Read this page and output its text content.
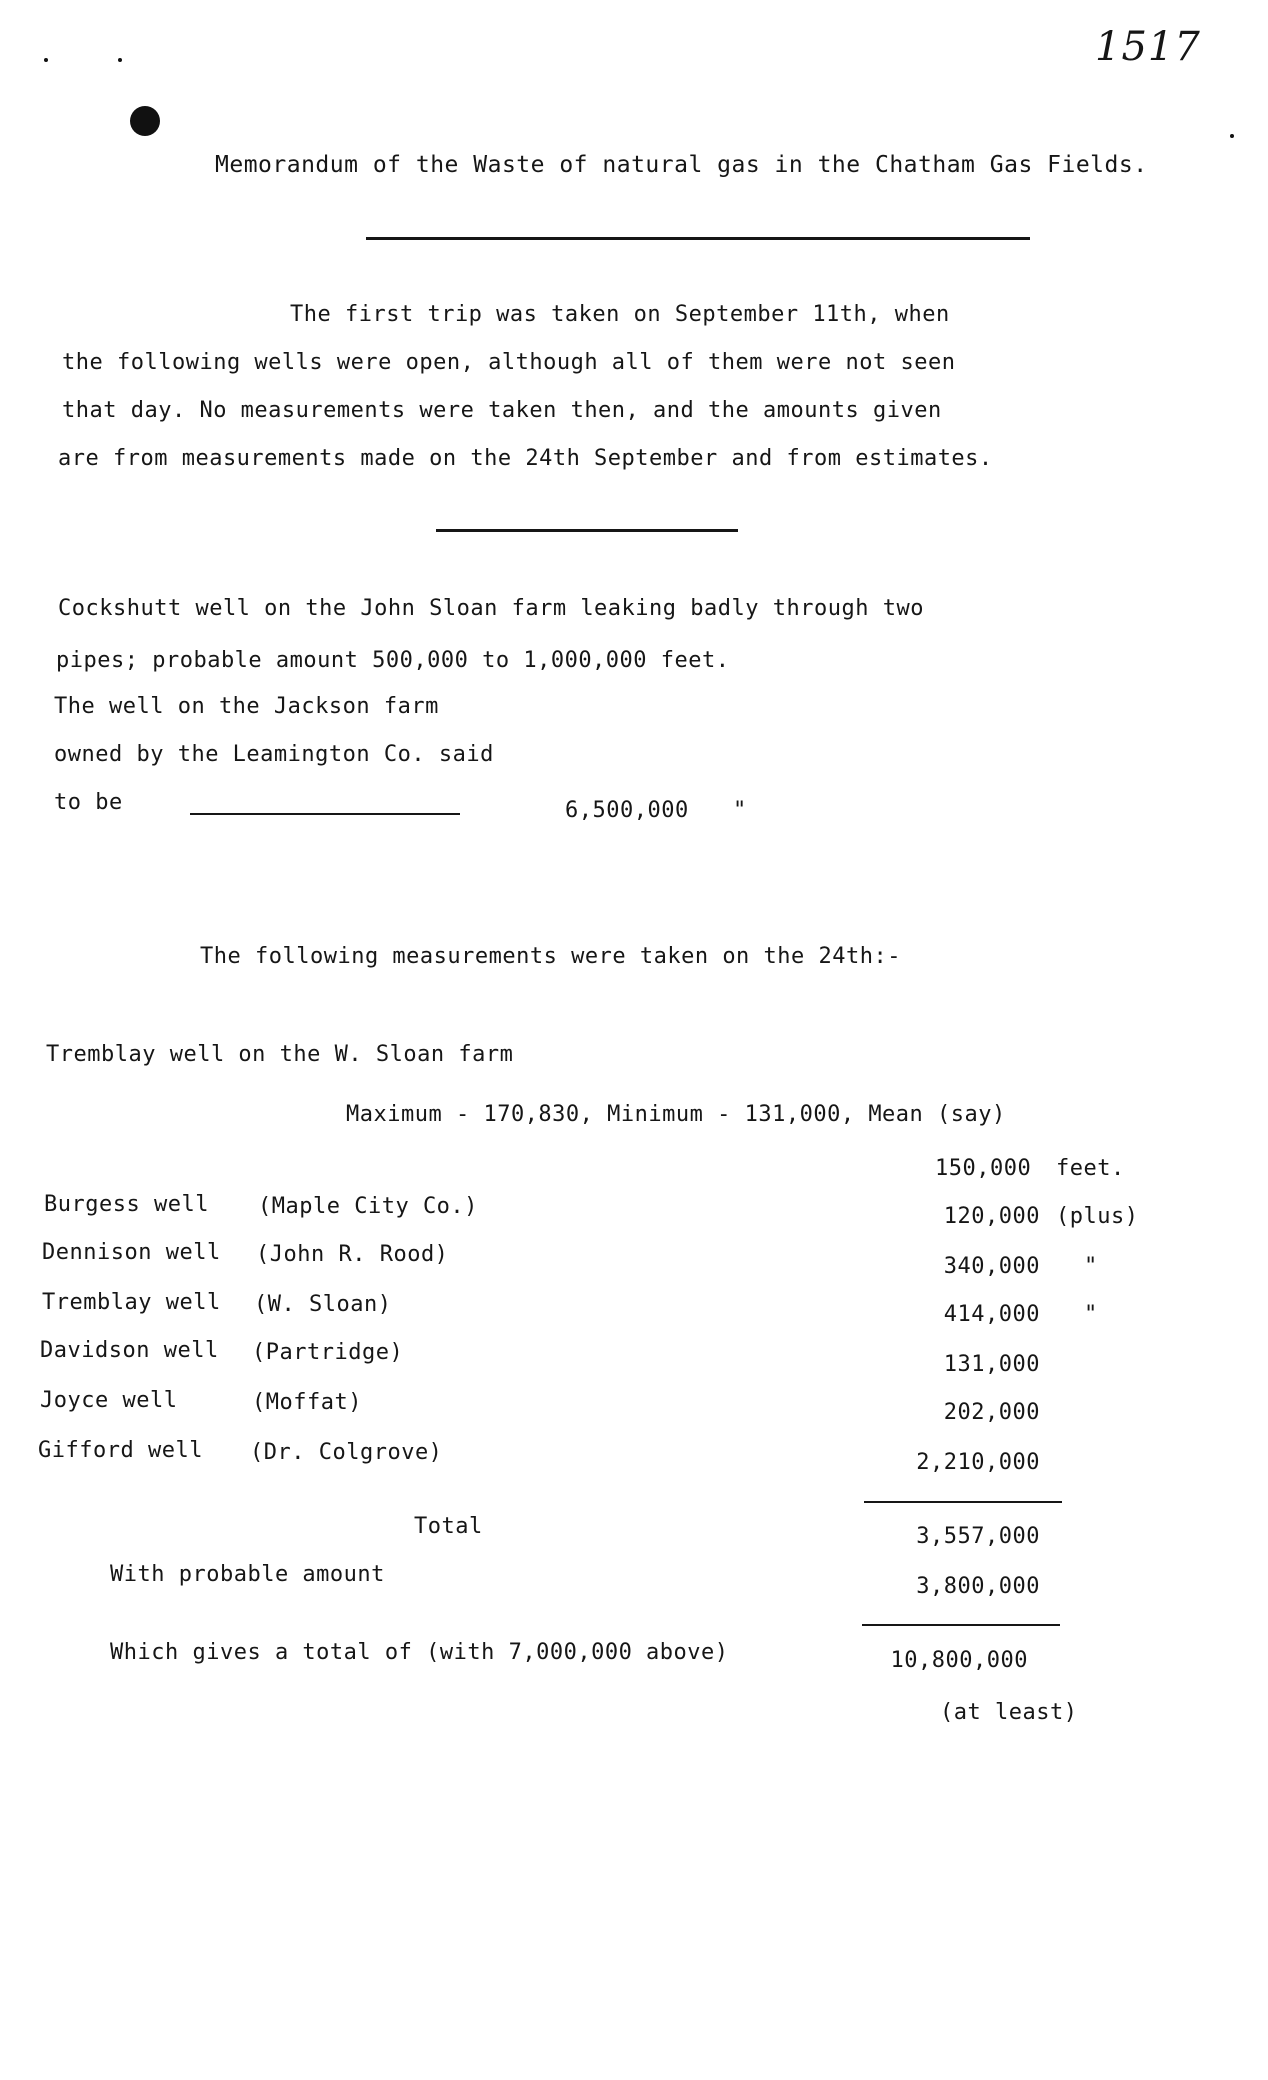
1517
Memorandum of the Waste of natural gas in the Chatham Gas Fields.
The first trip was taken on September 11th, when
the following wells were open, although all of them were not seen
that day. No measurements were taken then, and the amounts given
are from measurements made on the 24th September and from estimates.
Cockshutt well on the John Sloan farm leaking badly through two
pipes; probable amount 500,000 to 1,000,000 feet.
The well on the Jackson farm
owned by the Leamington Co. said
to be	6,500,000 "
The following measurements were taken on the 24th:-
Tremblay well on the W. Sloan farm
Maximum - 170,830, Minimum - 131,000, Mean (say)
150,000 feet.
Burgess well (Maple City Co.)	120,000 (plus)
Dennison well (John R. Rood)	340,000 "
Tremblay well (W. Sloan)	414,000 "
Davidson well (Partridge)	131,000
Joyce well	(Moffat)	202,000
Gifford well (Dr. Colgrove)	2,210,000
Total	3,557,000
With probable amount	3,800,000
Which gives a total of (with 7,000,000 above)	10,800,000
(at least)
